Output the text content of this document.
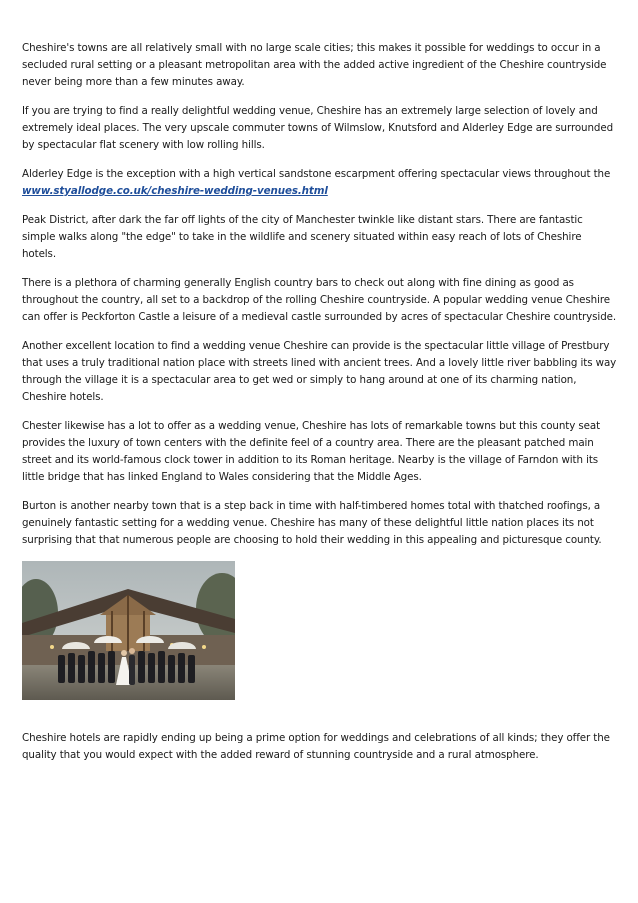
Cheshire's towns are all relatively small with no large scale cities; this makes it possible for weddings to occur in a secluded rural setting or a pleasant metropolitan area with the added active ingredient of the Cheshire countryside never being more than a few minutes away.

If you are trying to find a really delightful wedding venue, Cheshire has an extremely large selection of lovely and extremely ideal places. The very upscale commuter towns of Wilmslow, Knutsford and Alderley Edge are surrounded by spectacular flat scenery with low rolling hills.

Alderley Edge is the exception with a high vertical sandstone escarpment offering spectacular views throughout the www.styallodge.co.uk/cheshire-wedding-venues.html

Peak District, after dark the far off lights of the city of Manchester twinkle like distant stars. There are fantastic simple walks along "the edge" to take in the wildlife and scenery situated within easy reach of lots of Cheshire hotels.

There is a plethora of charming generally English country bars to check out along with fine dining as good as throughout the country, all set to a backdrop of the rolling Cheshire countryside. A popular wedding venue Cheshire can offer is Peckforton Castle a leisure of a medieval castle surrounded by acres of spectacular Cheshire countryside.

Another excellent location to find a wedding venue Cheshire can provide is the spectacular little village of Prestbury that uses a truly traditional nation place with streets lined with ancient trees. And a lovely little river babbling its way through the village it is a spectacular area to get wed or simply to hang around at one of its charming nation, Cheshire hotels.

Chester likewise has a lot to offer as a wedding venue, Cheshire has lots of remarkable towns but this county seat provides the luxury of town centers with the definite feel of a country area. There are the pleasant patched main street and its world-famous clock tower in addition to its Roman heritage. Nearby is the village of Farndon with its little bridge that has linked England to Wales considering that the Middle Ages.

Burton is another nearby town that is a step back in time with half-timbered homes total with thatched roofings, a genuinely fantastic setting for a wedding venue. Cheshire has many of these delightful little nation places its not surprising that that numerous people are choosing to hold their wedding in this appealing and picturesque county.

Cheshire hotels are rapidly ending up being a prime option for weddings and celebrations of all kinds; they offer the quality that you would expect with the added reward of stunning countryside and a rural atmosphere.
